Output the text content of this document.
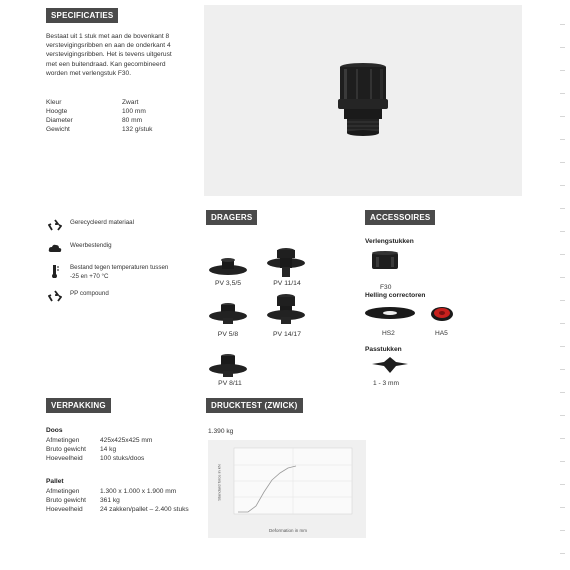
SPECIFICATIES
Bestaat uit 1 stuk met aan de bovenkant 8
verstevigingsribben en aan de onderkant 4
verstevigingsribben. Het is tevens uitgerust
met een buitendraad. Kan gecombineerd
worden met verlengstuk F30.
Kleur	Zwart
Hoogte	100 mm
Diameter	80 mm
Gewicht	132 g/stuk
Gerecycleerd materiaal
Weerbestendig
Bestand tegen temperaturen tussen
-25 en +70 °C
PP compound
DRAGERS
PV 3,5/5	PV 11/14
PV 5/8	PV 14/17
PV 8/11
ACCESSOIRES
Verlengstukken
F30
Helling correctoren
HS2	HA5
Passtukken
1 - 3 mm
VERPAKKING
Doos
Afmetingen	425x425x425 mm
Bruto gewicht	14 kg
Hoeveelheid	100 stuks/doos
Pallet
Afmetingen	1.300 x 1.000 x 1.900 mm
Bruto gewicht	361 kg
Hoeveelheid	24 zakken/pallet – 2.400 stuks
DRUCKTEST (ZWICK)
1.390 kg
Standard force in kN
Deformation in mm
